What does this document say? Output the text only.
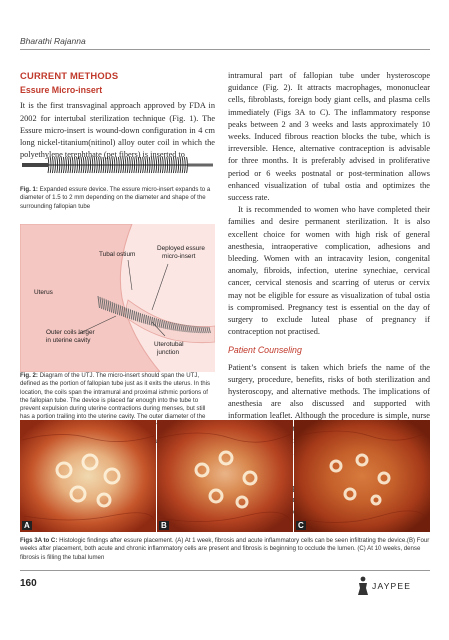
Bharathi Rajanna
CURRENT METHODS
Essure Micro-insert
It is the first transvaginal approach approved by FDA in 2002 for intertubal sterilization technique (Fig. 1). The Essure micro-insert is wound-down configuration in 4 cm long nickel-titanium(nitinol) alloy outer coil in which the polyethylene terephthate (pet fibers) is inserted to
Fig. 1: Expanded essure device. The essure micro-insert expands to a diameter of 1.5 to 2 mm depending on the diameter and shape of the surrounding fallopian tube
Tubal ostium
Deployed essure
micro-insert
Uterus
Outer coils larger
in uterine cavity
Uterotubal
junction
Fig. 2: Diagram of the UTJ. The micro-insert should span the UTJ, defined as the portion of fallopian tube just as it exits the uterus. In this location, the coils span the intramural and proximal isthmic portions of the fallopian tube. The device is placed far enough into the tube to prevent expulsion during uterine contractions during menses, but still has a portion trailing into the uterine cavity. The outer diameter of the
intramural part of fallopian tube under hysteroscope guidance (Fig. 2). It attracts macrophages, mononuclear cells, fibroblasts, foreign body giant cells, and plasma cells immediately (Figs 3A to C). The inflammatory response peaks between 2 and 3 weeks and lasts approximately 10 weeks. Induced fibrous reaction blocks the tube, which is irreversible. Hence, alternative contraception is advisable for three months. It is preferably advised in proliferative period or 6 weeks postnatal or post-termination allows enhanced visualization of tubal ostia and optimizes the success rate.
It is recommended to women who have completed their families and desire permanent sterilization. It is also excellent choice for women with high risk of general anesthesia, intraoperative complication, adhesions and bleeding. Women with an intracavity lesion, congenital anomaly, fibroids, infection, uterine synechiae, cervical cancer, cervical stenosis and scarring of uterus or cervix may not be eligible for essure as visualization of tubal ostia is compromised. Pregnancy test is essential on the day of surgery to exclude luteal phase of pregnancy if contraception not practised.
Patient Counseling
Patient’s consent is taken which briefs the name of the surgery, procedure, benefits, risks of both sterilization and hysteroscopy, and alternative methods. The implications of anesthesia are also discussed and supported with information leaflet. Although the procedure is simple, nurse
A	B	C
Figs 3A to C: Histologic findings after essure placement. (A) At 1 week, fibrosis and acute inflammatory cells can be seen infiltrating the device.(B) Four weeks after placement, both acute and chronic inflammatory cells are present and fibrosis is beginning to occlude the lumen. (C) At 10 weeks, dense fibrosis is filling the tubal lumen
160	JAYPEE
